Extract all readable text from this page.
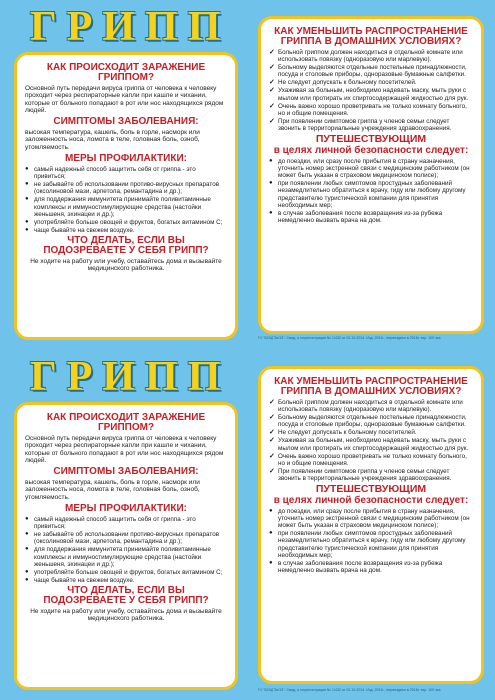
ГРИПП
КАК ПРОИСХОДИТ ЗАРАЖЕНИЕ ГРИППОМ?

Основной путь передачи вируса гриппа от человека к человеку проходит через респираторные капли при кашле и чихании, которые от больного попадают в рот или нос находящихся рядом людей.

СИМПТОМЫ ЗАБОЛЕВАНИЯ:

высокая температура, кашель, боль в горле, насморк или заложенность носа, ломота в теле, головная боль, озноб, утомляемость.

МЕРЫ ПРОФИЛАКТИКИ:
● самый надежный способ защитить себя от гриппа - это привиться;
● не забывайте об использовании противо-вирусных препаратов (оксолиновой мази, арпетола, ремантадина и др.);
● для поддержания иммунитета принимайте поливитаминные комплексы и иммуностимулирующие средства (настойки женьшеня, эхинацеи и др.);
● употребляйте больше овощей и фруктов, богатых витамином С;
● чаще бывайте на свежем воздухе.
ЧТО ДЕЛАТЬ, ЕСЛИ ВЫ ПОДОЗРЕВАЕТЕ У СЕБЯ ГРИПП?

Не ходите на работу или учебу, оставайтесь дома и вызывайте медицинского работника.

КАК УМЕНЬШИТЬ РАСПРОСТРАНЕНИЕ ГРИППА В ДОМАШНИХ УСЛОВИЯХ?
✓ Больной гриппом должен находиться в отдельной комнате или использовать повязку (одноразовую или марлевую).
✓ Больному выделяются отдельные постельные принадлежности, посуда и столовые приборы, одноразовые бумажные салфетки.
✓ Не следует допускать к больному посетителей.
✓ Ухаживая за больным, необходимо надевать маску, мыть руки с мылом или протирать их спиртосодержащей жидкостью для рук.
✓ Очень важно хорошо проветривать не только комнату больного, но и общие помещения.
✓ При появлении симптомов гриппа у членов семьи следует звонить в территориальные учреждения здравоохранения.
ПУТЕШЕСТВУЮЩИМ
в целях личной безопасности следует:
● до поездки, или сразу после прибытия в страну назначения, уточнить номер экстренной связи с медицинским работником (он может быть указан в страховом медицинском полисе);
● при появлении любых симптомов простудных заболеваний незамедлительно обратиться к врачу, гиду или любому другому представителю туристической компании для принятия необходимых мер;
● в случае заболевания после возвращения из-за рубежа немедленно вызвать врача на дом.
ГУ "БОЦГЗиОЗ". Свид. о госрегистрации № 1/432 от 02.10.2014. Изд. 2011г., переиздано в 2016г. тир. 100 экз.
ГРИПП
КАК ПРОИСХОДИТ ЗАРАЖЕНИЕ ГРИППОМ?

Основной путь передачи вируса гриппа от человека к человеку проходит через респираторные капли при кашле и чихании, которые от больного попадают в рот или нос находящихся рядом людей.

СИМПТОМЫ ЗАБОЛЕВАНИЯ:

высокая температура, кашель, боль в горле, насморк или заложенность носа, ломота в теле, головная боль, озноб, утомляемость.

МЕРЫ ПРОФИЛАКТИКИ:
● самый надежный способ защитить себя от гриппа - это привиться;
● не забывайте об использовании противо-вирусных препаратов (оксолиновой мази, арпетола, ремантадина и др.);
● для поддержания иммунитета принимайте поливитаминные комплексы и иммуностимулирующие средства (настойки женьшеня, эхинацеи и др.);
● употребляйте больше овощей и фруктов, богатых витамином С;
● чаще бывайте на свежем воздухе.
ЧТО ДЕЛАТЬ, ЕСЛИ ВЫ ПОДОЗРЕВАЕТЕ У СЕБЯ ГРИПП?

Не ходите на работу или учебу, оставайтесь дома и вызывайте медицинского работника.

КАК УМЕНЬШИТЬ РАСПРОСТРАНЕНИЕ ГРИППА В ДОМАШНИХ УСЛОВИЯХ?
✓ Больной гриппом должен находиться в отдельной комнате или использовать повязку (одноразовую или марлевую).
✓ Больному выделяются отдельные постельные принадлежности, посуда и столовые приборы, одноразовые бумажные салфетки.
✓ Не следует допускать к больному посетителей.
✓ Ухаживая за больным, необходимо надевать маску, мыть руки с мылом или протирать их спиртосодержащей жидкостью для рук.
✓ Очень важно хорошо проветривать не только комнату больного, но и общие помещения.
✓ При появлении симптомов гриппа у членов семьи следует звонить в территориальные учреждения здравоохранения.
ПУТЕШЕСТВУЮЩИМ
в целях личной безопасности следует:
● до поездки, или сразу после прибытия в страну назначения, уточнить номер экстренной связи с медицинским работником (он может быть указан в страховом медицинском полисе);
● при появлении любых симптомов простудных заболеваний незамедлительно обратиться к врачу, гиду или любому другому представителю туристической компании для принятия необходимых мер;
● в случае заболевания после возвращения из-за рубежа немедленно вызвать врача на дом.
ГУ "БОЦГЗиОЗ". Свид. о госрегистрации № 1/432 от 02.10.2014. Изд. 2011г., переиздано в 2016г. тир. 100 экз.
